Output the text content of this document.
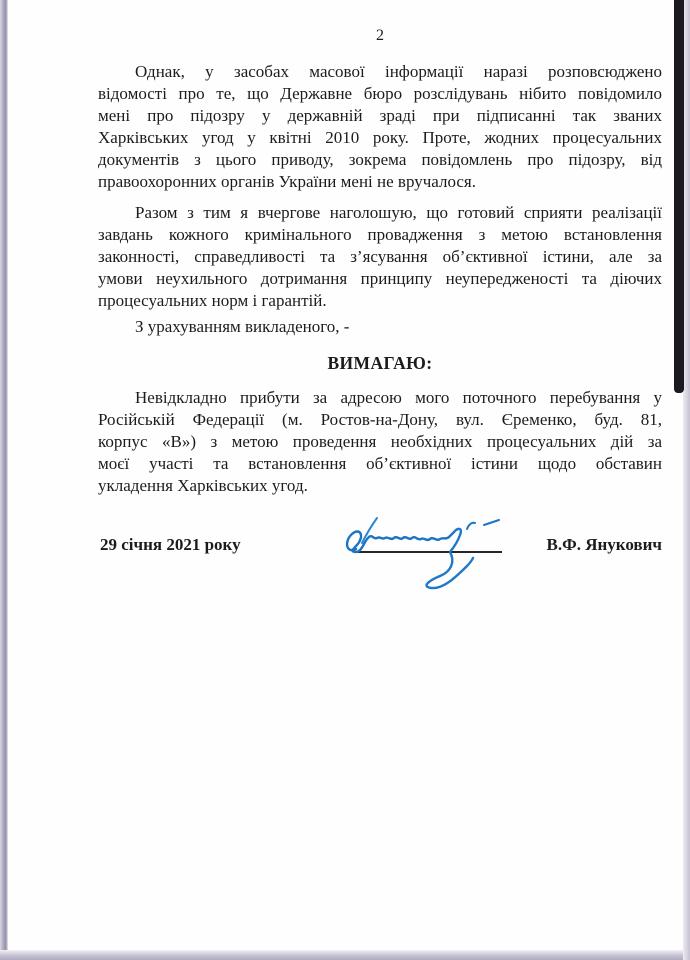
2
Однак, у засобах масової інформації наразі розповсюджено
відомості про те, що Державне бюро розслідувань нібито повідомило
мені про підозру у державній зраді при підписанні так званих
Харківських угод у квітні 2010 року. Проте, жодних процесуальних
документів з цього приводу, зокрема повідомлень про підозру, від
правоохоронних органів України мені не вручалося.
Разом з тим я вчергове наголошую, що готовий сприяти реалізації
завдань кожного кримінального провадження з метою встановлення
законності, справедливості та з’ясування об’єктивної істини, але за
умови неухильного дотримання принципу неупередженості та діючих
процесуальних норм і гарантій.
З урахуванням викладеного, -
ВИМАГАЮ:
Невідкладно прибути за адресою мого поточного перебування у
Російській Федерації (м. Ростов-на-Дону, вул. Єременко, буд. 81,
корпус «В») з метою проведення необхідних процесуальних дій за
моєї участі та встановлення об’єктивної істини щодо обставин
укладення Харківських угод.
29 січня 2021 року	В.Ф. Янукович
